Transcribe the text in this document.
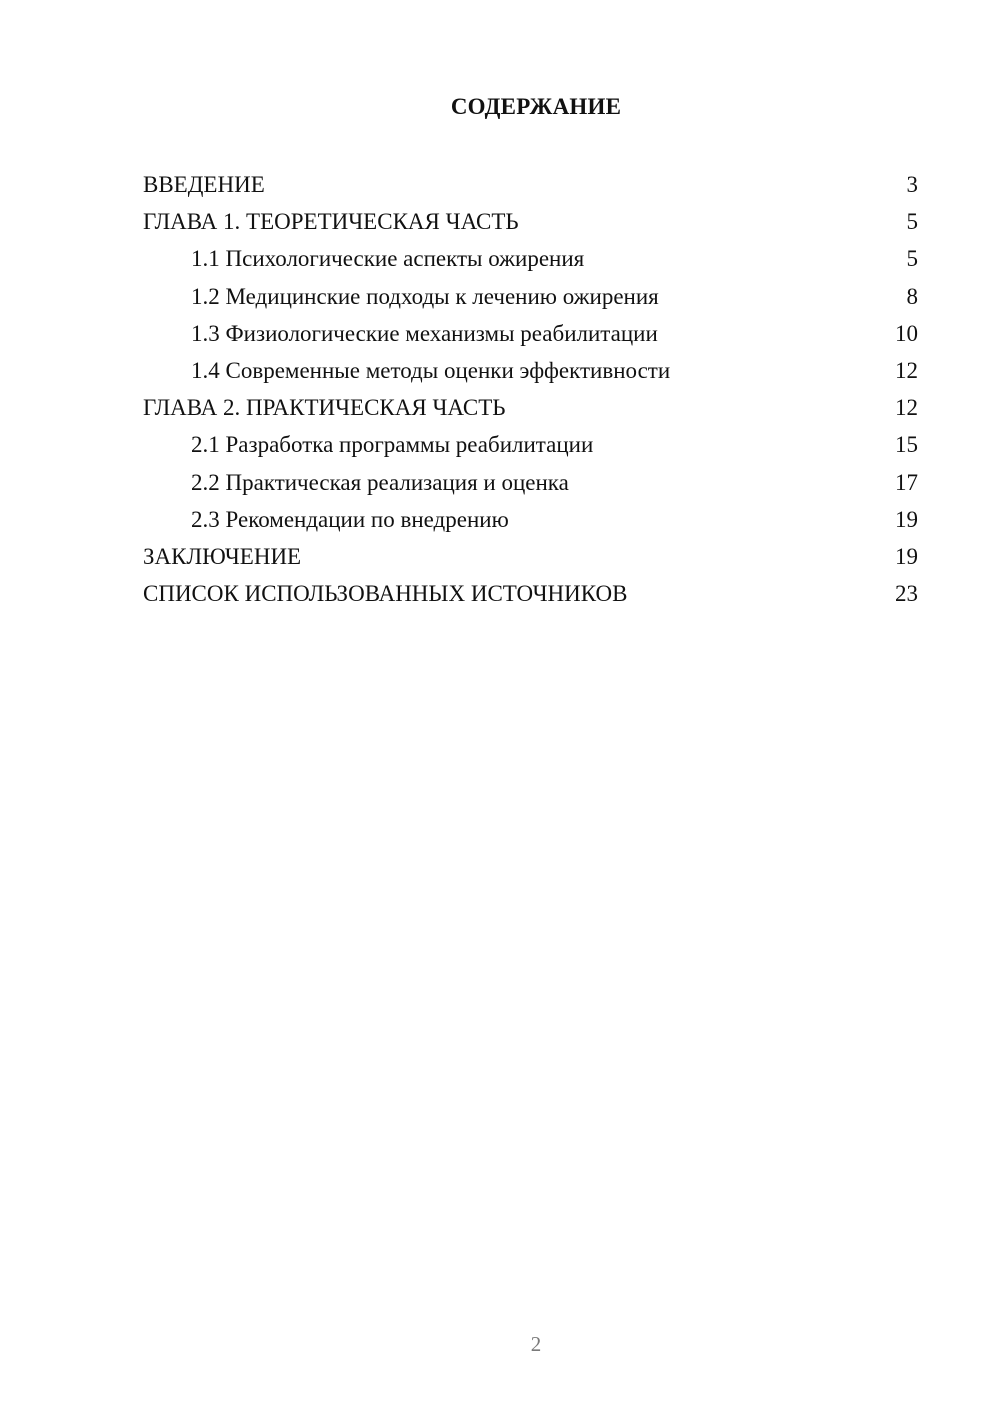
СОДЕРЖАНИЕ
ВВЕДЕНИЕ	3
ГЛАВА 1. ТЕОРЕТИЧЕСКАЯ ЧАСТЬ	5
1.1 Психологические аспекты ожирения	5
1.2 Медицинские подходы к лечению ожирения	8
1.3 Физиологические механизмы реабилитации	10
1.4 Современные методы оценки эффективности	12
ГЛАВА 2. ПРАКТИЧЕСКАЯ ЧАСТЬ	12
2.1 Разработка программы реабилитации	15
2.2 Практическая реализация и оценка	17
2.3 Рекомендации по внедрению	19
ЗАКЛЮЧЕНИЕ	19
СПИСОК ИСПОЛЬЗОВАННЫХ ИСТОЧНИКОВ	23
2
